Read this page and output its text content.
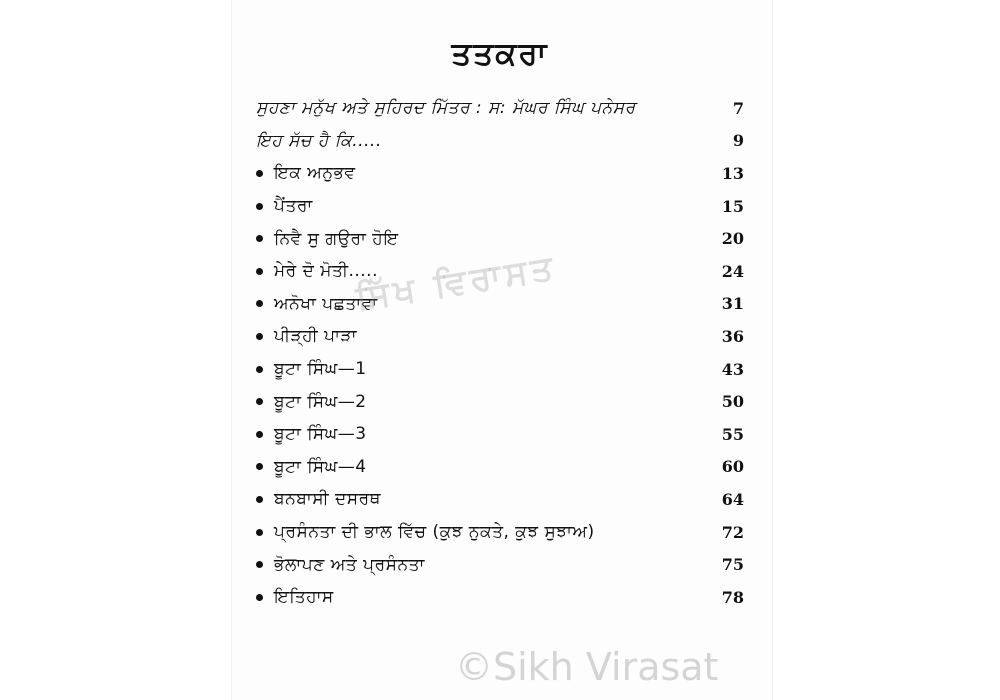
ਤਤਕਰਾ
ਸੁਹਣਾ ਮਨੁੱਖ ਅਤੇ ਸੁਹਿਰਦ ਮਿੱਤਰ : ਸ: ਮੱਘਰ ਸਿੰਘ ਪਨੇਸਰ	7
ਇਹ ਸੱਚ ਹੈ ਕਿ.....	9
ਇਕ ਅਨੁਭਵ	13
ਪੈਂਤਰਾ	15
ਨਿਵੈ ਸੁ ਗਉਰਾ ਹੋਇ	20
ਮੇਰੇ ਦੋ ਮੋਤੀ.....	24
ਅਨੋਖਾ ਪਛਤਾਵਾ	31
ਪੀੜ੍ਹੀ ਪਾੜਾ	36
ਬੂਟਾ ਸਿੰਘ—1	43
ਬੂਟਾ ਸਿੰਘ—2	50
ਬੂਟਾ ਸਿੰਘ—3	55
ਬੂਟਾ ਸਿੰਘ—4	60
ਬਨਬਾਸੀ ਦਸਰਥ	64
ਪ੍ਰਸੰਨਤਾ ਦੀ ਭਾਲ ਵਿੱਚ (ਕੁਝ ਨੁਕਤੇ, ਕੁਝ ਸੁਝਾਅ)	72
ਭੋਲਾਪਣ ਅਤੇ ਪ੍ਰਸੰਨਤਾ	75
ਇਤਿਹਾਸ	78
ਸਿੱਖ ਵਿਰਾਸਤ
©Sikh Virasat
